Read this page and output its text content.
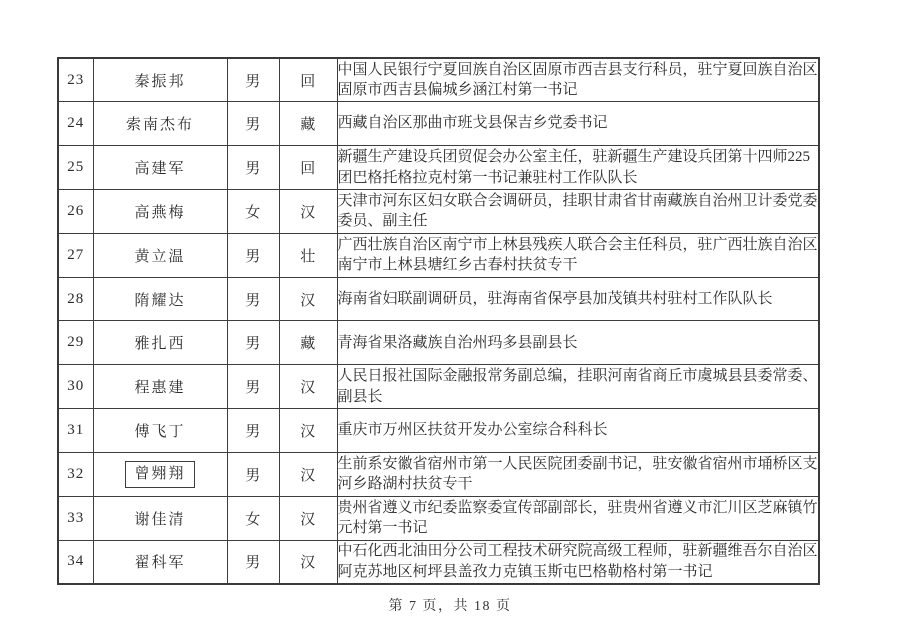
23	秦振邦	男	回	中国人民银行宁夏回族自治区固原市西吉县支行科员，驻宁夏回族自治区固原市西吉县偏城乡涵江村第一书记
24	索南杰布	男	藏	西藏自治区那曲市班戈县保吉乡党委书记
25	高建军	男	回	新疆生产建设兵团贸促会办公室主任，驻新疆生产建设兵团第十四师225团巴格托格拉克村第一书记兼驻村工作队队长
26	高燕梅	女	汉	天津市河东区妇女联合会调研员，挂职甘肃省甘南藏族自治州卫计委党委委员、副主任
27	黄立温	男	壮	广西壮族自治区南宁市上林县残疾人联合会主任科员，驻广西壮族自治区南宁市上林县塘红乡古春村扶贫专干
28	隋耀达	男	汉	海南省妇联副调研员，驻海南省保亭县加茂镇共村驻村工作队队长
29	雅扎西	男	藏	青海省果洛藏族自治州玛多县副县长
30	程惠建	男	汉	人民日报社国际金融报常务副总编，挂职河南省商丘市虞城县县委常委、副县长
31	傅飞丁	男	汉	重庆市万州区扶贫开发办公室综合科科长
32	曾翙翔	男	汉	生前系安徽省宿州市第一人民医院团委副书记，驻安徽省宿州市埇桥区支河乡路湖村扶贫专干
33	谢佳清	女	汉	贵州省遵义市纪委监察委宣传部副部长，驻贵州省遵义市汇川区芝麻镇竹元村第一书记
34	翟科军	男	汉	中石化西北油田分公司工程技术研究院高级工程师，驻新疆维吾尔自治区阿克苏地区柯坪县盖孜力克镇玉斯屯巴格勒格村第一书记
第 7 页，共 18 页
